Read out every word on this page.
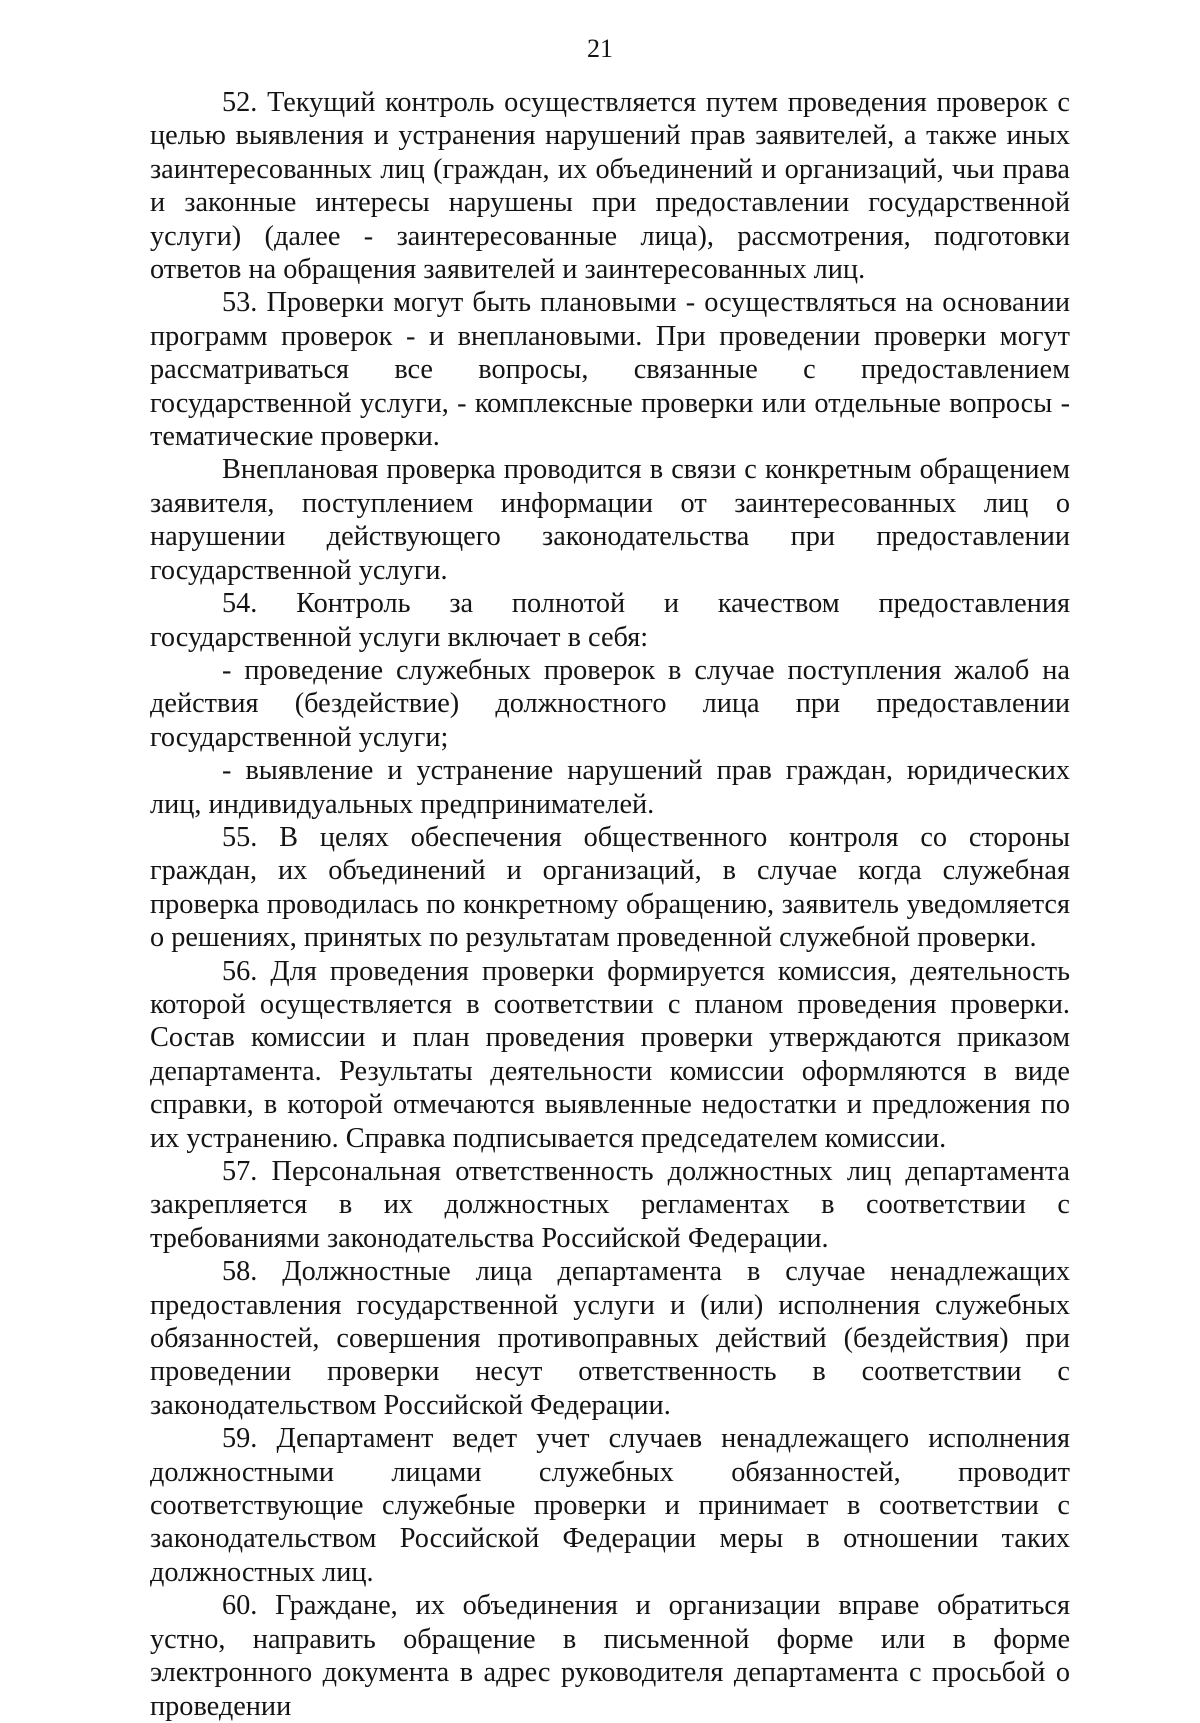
21

52. Текущий контроль осуществляется путем проведения проверок с целью выявления и устранения нарушений прав заявителей, а также иных заинтересованных лиц (граждан, их объединений и организаций, чьи права и законные интересы нарушены при предоставлении государственной услуги) (далее - заинтересованные лица), рассмотрения, подготовки ответов на обращения заявителей и заинтересованных лиц.

53. Проверки могут быть плановыми - осуществляться на основании программ проверок - и внеплановыми. При проведении проверки могут рассматриваться все вопросы, связанные с предоставлением государственной услуги, - комплексные проверки или отдельные вопросы - тематические проверки.

Внеплановая проверка проводится в связи с конкретным обращением заявителя, поступлением информации от заинтересованных лиц о нарушении действующего законодательства при предоставлении государственной услуги.

54. Контроль за полнотой и качеством предоставления государственной услуги включает в себя:

- проведение служебных проверок в случае поступления жалоб на действия (бездействие) должностного лица при предоставлении государственной услуги;

- выявление и устранение нарушений прав граждан, юридических лиц, индивидуальных предпринимателей.

55. В целях обеспечения общественного контроля со стороны граждан, их объединений и организаций, в случае когда служебная проверка проводилась по конкретному обращению, заявитель уведомляется о решениях, принятых по результатам проведенной служебной проверки.

56. Для проведения проверки формируется комиссия, деятельность которой осуществляется в соответствии с планом проведения проверки. Состав комиссии и план проведения проверки утверждаются приказом департамента. Результаты деятельности комиссии оформляются в виде справки, в которой отмечаются выявленные недостатки и предложения по их устранению. Справка подписывается председателем комиссии.

57. Персональная ответственность должностных лиц департамента закрепляется в их должностных регламентах в соответствии с требованиями законодательства Российской Федерации.

58. Должностные лица департамента в случае ненадлежащих предоставления государственной услуги и (или) исполнения служебных обязанностей, совершения противоправных действий (бездействия) при проведении проверки несут ответственность в соответствии с законодательством Российской Федерации.

59. Департамент ведет учет случаев ненадлежащего исполнения должностными лицами служебных обязанностей, проводит соответствующие служебные проверки и принимает в соответствии с законодательством Российской Федерации меры в отношении таких должностных лиц.

60. Граждане, их объединения и организации вправе обратиться устно, направить обращение в письменной форме или в форме электронного документа в адрес руководителя департамента с просьбой о проведении
